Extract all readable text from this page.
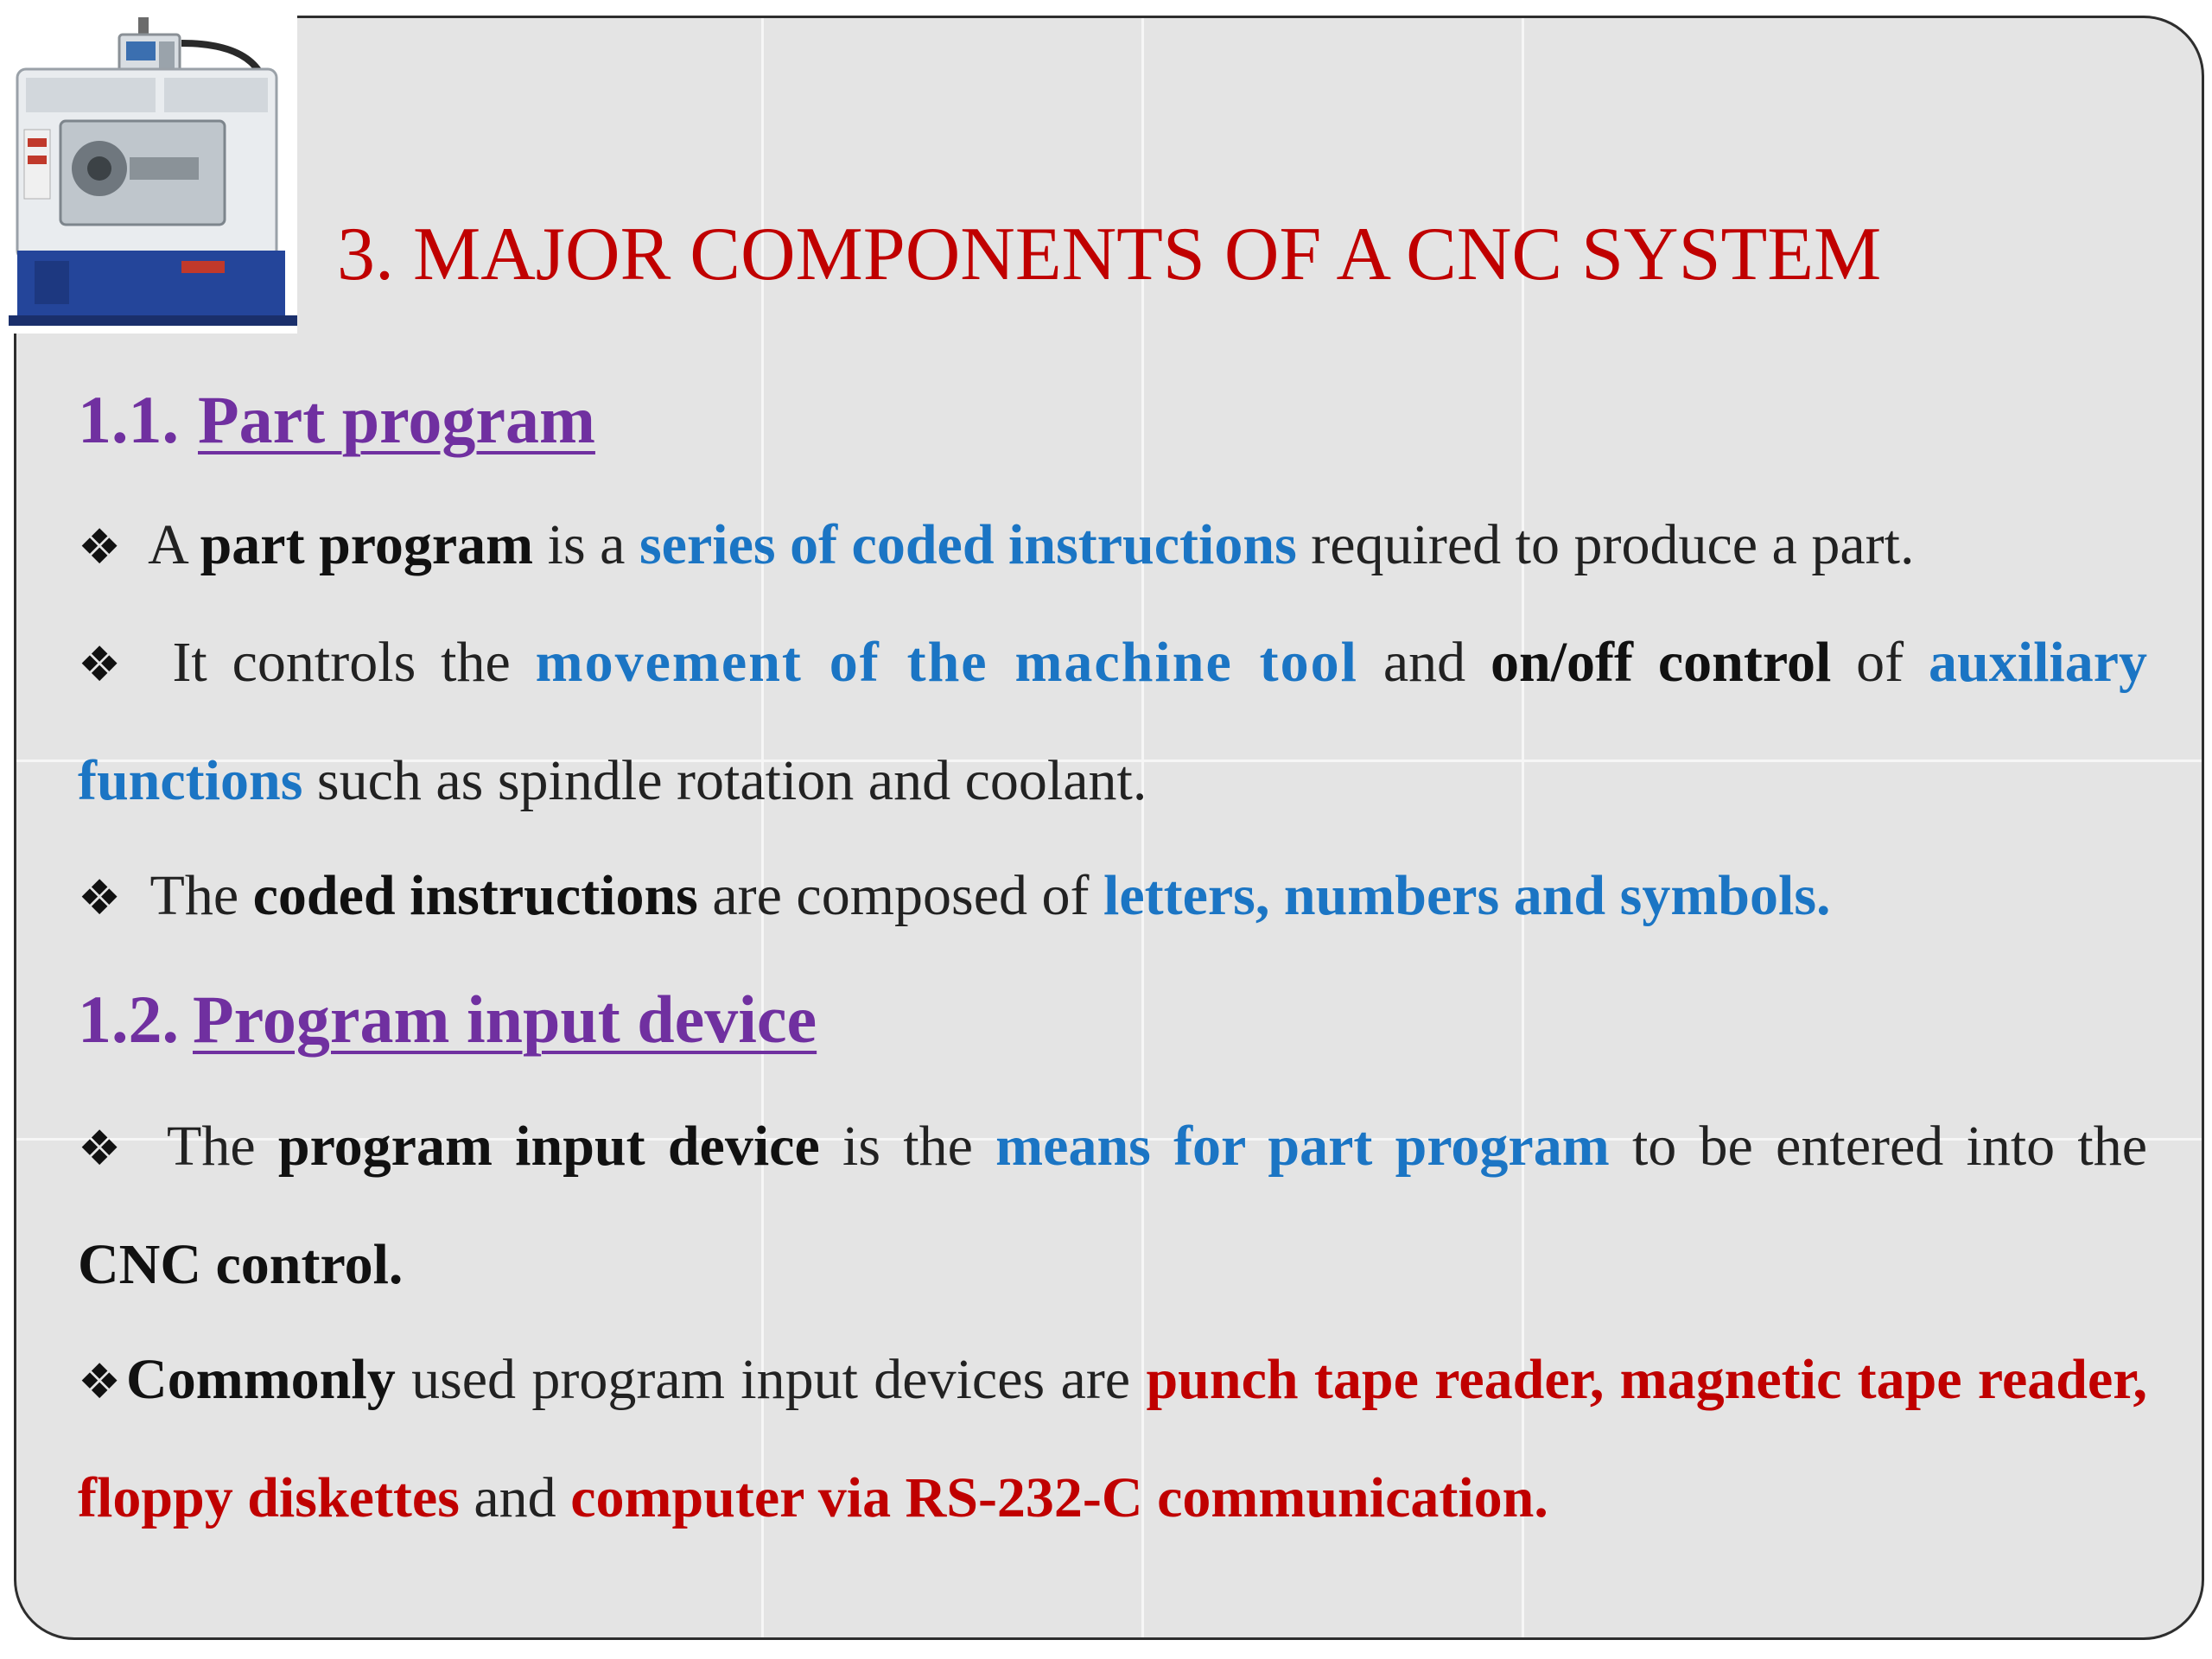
3. MAJOR COMPONENTS OF A CNC SYSTEM
1.1. Part program

❖ A part program is a series of coded instructions required to produce a part.

❖ It controls the movement of the machine tool and on/off control of auxiliary functions such as spindle rotation and coolant.

❖ The coded instructions are composed of letters, numbers and symbols.

1.2. Program input device

❖ The program input device is the means for part program to be entered into the CNC control.

❖Commonly used program input devices are punch tape reader, magnetic tape reader, floppy diskettes and computer via RS-232-C communication.
